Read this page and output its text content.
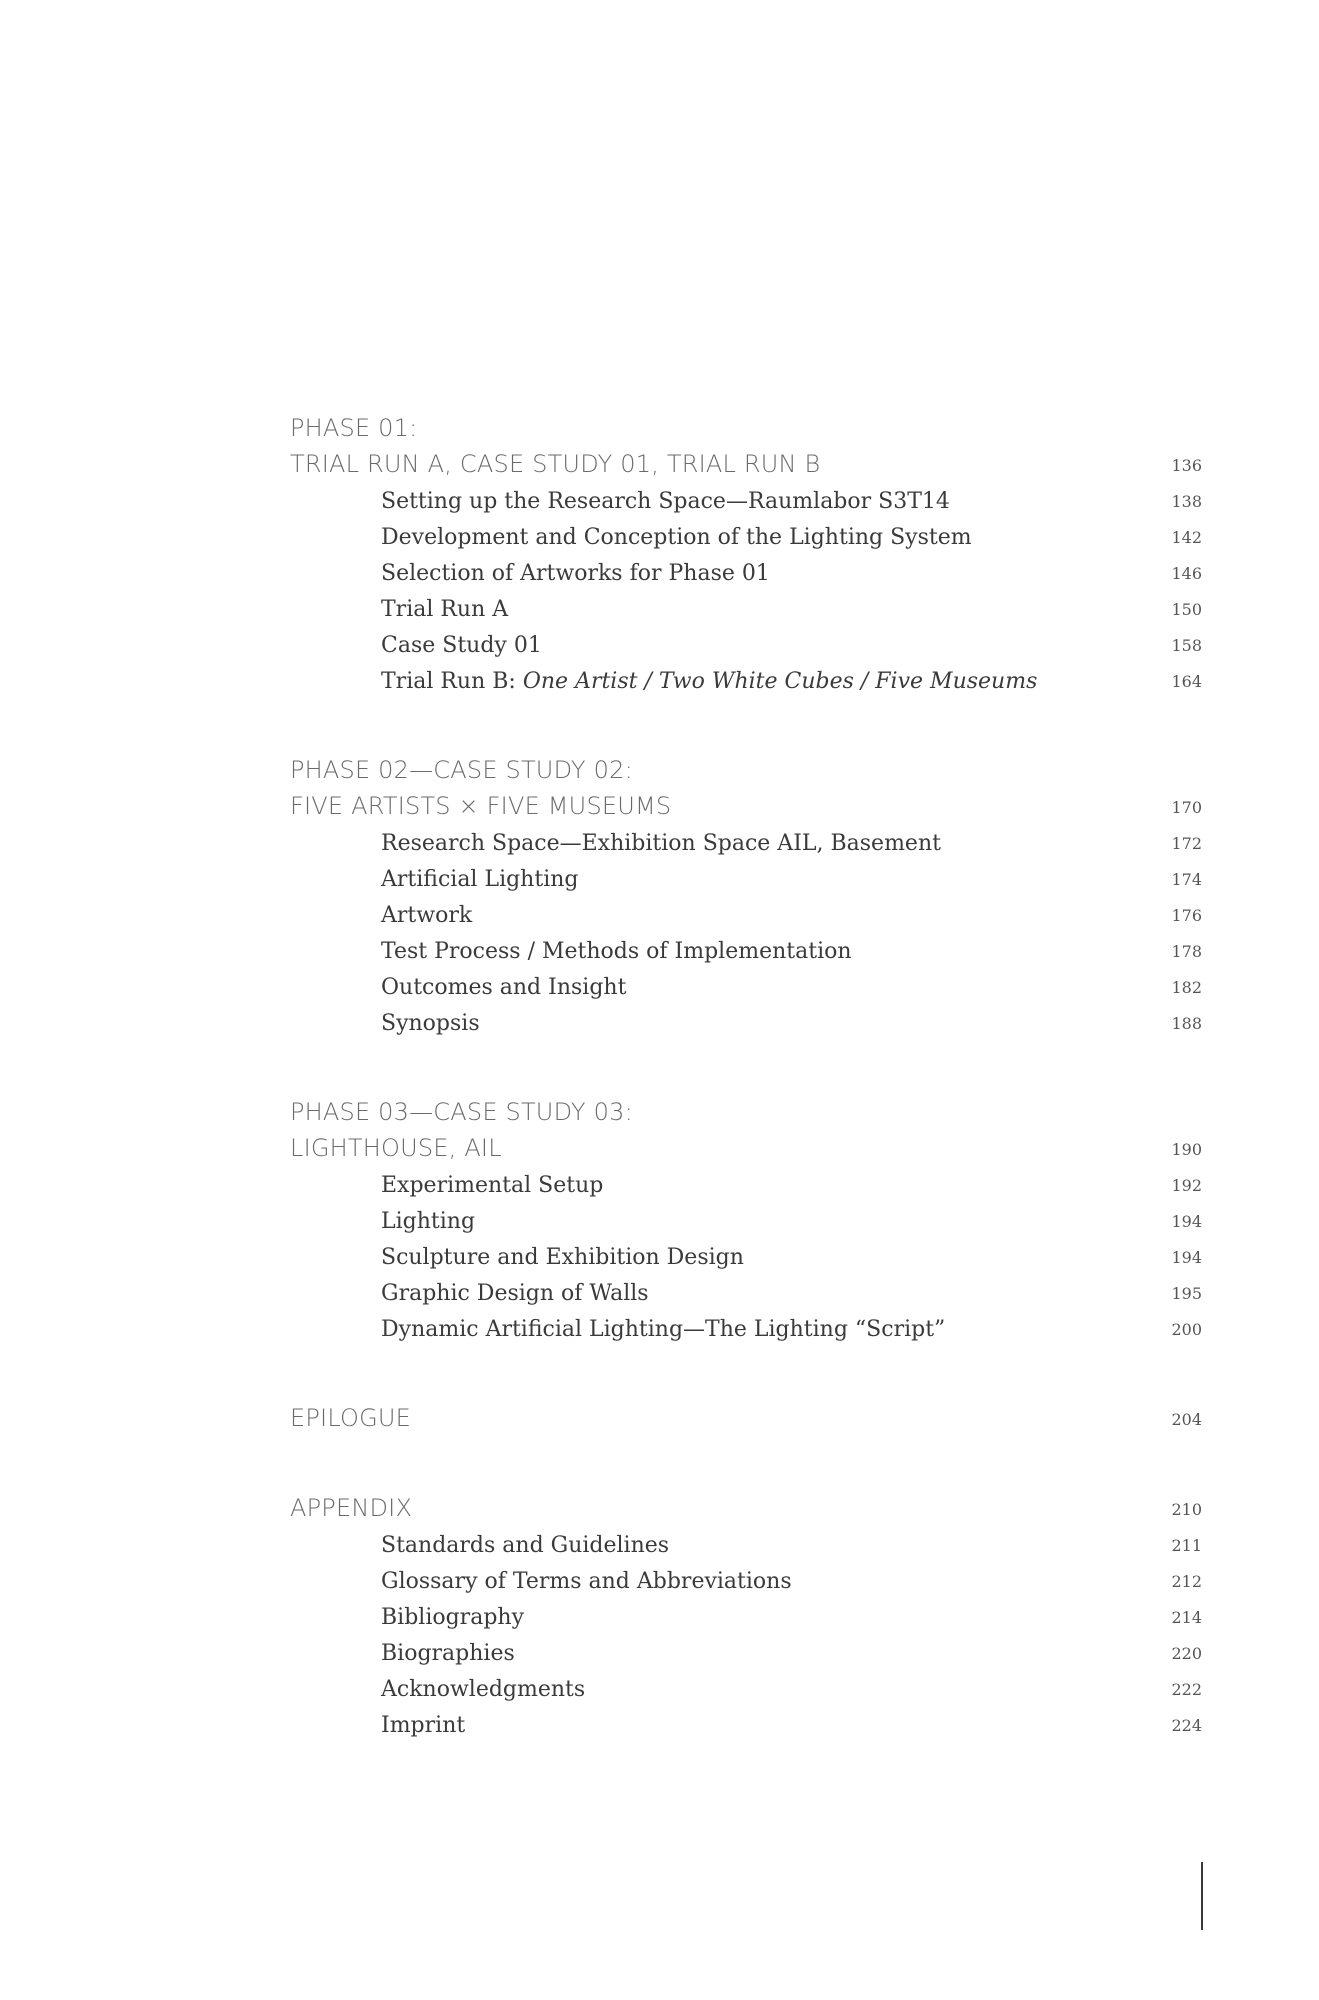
PHASE 01:
TRIAL RUN A, CASE STUDY 01, TRIAL RUN B	136
Setting up the Research Space—Raumlabor S3T14	138
Development and Conception of the Lighting System	142
Selection of Artworks for Phase 01	146
Trial Run A	150
Case Study 01	158
Trial Run B: One Artist / Two White Cubes / Five Museums	164
PHASE 02—CASE STUDY 02:
FIVE ARTISTS × FIVE MUSEUMS	170
Research Space—Exhibition Space AIL, Basement	172
Artificial Lighting	174
Artwork	176
Test Process / Methods of Implementation	178
Outcomes and Insight	182
Synopsis	188
PHASE 03—CASE STUDY 03:
LIGHTHOUSE, AIL	190
Experimental Setup	192
Lighting	194
Sculpture and Exhibition Design	194
Graphic Design of Walls	195
Dynamic Artificial Lighting—The Lighting “Script”	200
EPILOGUE	204
APPENDIX	210
Standards and Guidelines	211
Glossary of Terms and Abbreviations	212
Bibliography	214
Biographies	220
Acknowledgments	222
Imprint	224
